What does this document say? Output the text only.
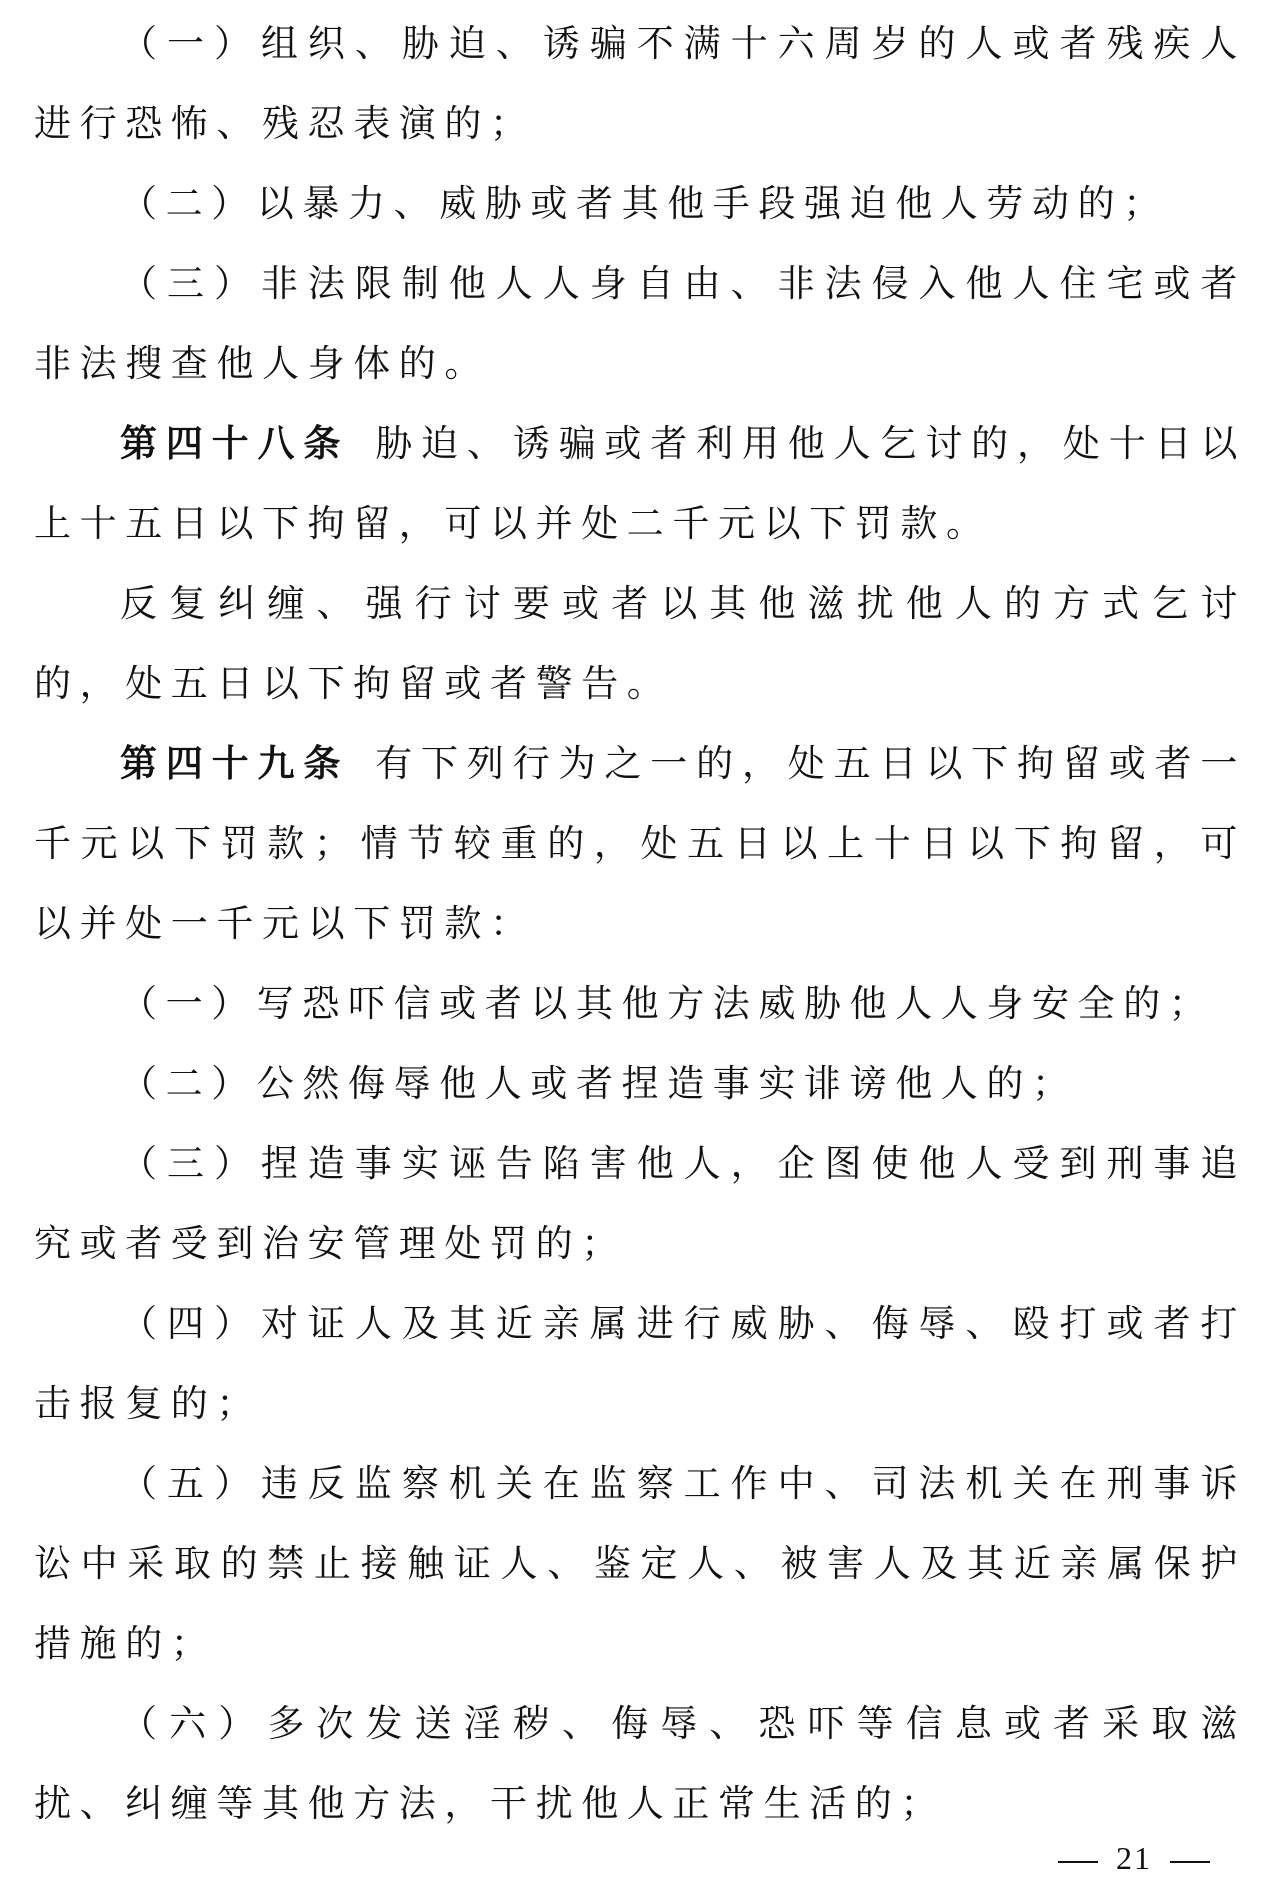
（一）组织、胁迫、诱骗不满十六周岁的人或者残疾人进行恐怖、残忍表演的；

（二）以暴力、威胁或者其他手段强迫他人劳动的；

（三）非法限制他人人身自由、非法侵入他人住宅或者非法搜查他人身体的。

第四十八条 胁迫、诱骗或者利用他人乞讨的，处十日以上十五日以下拘留，可以并处二千元以下罚款。

反复纠缠、强行讨要或者以其他滋扰他人的方式乞讨的，处五日以下拘留或者警告。

第四十九条 有下列行为之一的，处五日以下拘留或者一千元以下罚款；情节较重的，处五日以上十日以下拘留，可以并处一千元以下罚款：

（一）写恐吓信或者以其他方法威胁他人人身安全的；

（二）公然侮辱他人或者捏造事实诽谤他人的；

（三）捏造事实诬告陷害他人，企图使他人受到刑事追究或者受到治安管理处罚的；

（四）对证人及其近亲属进行威胁、侮辱、殴打或者打击报复的；

（五）违反监察机关在监察工作中、司法机关在刑事诉讼中采取的禁止接触证人、鉴定人、被害人及其近亲属保护措施的；

（六）多次发送淫秽、侮辱、恐吓等信息或者采取滋扰、纠缠等其他方法，干扰他人正常生活的；

21
